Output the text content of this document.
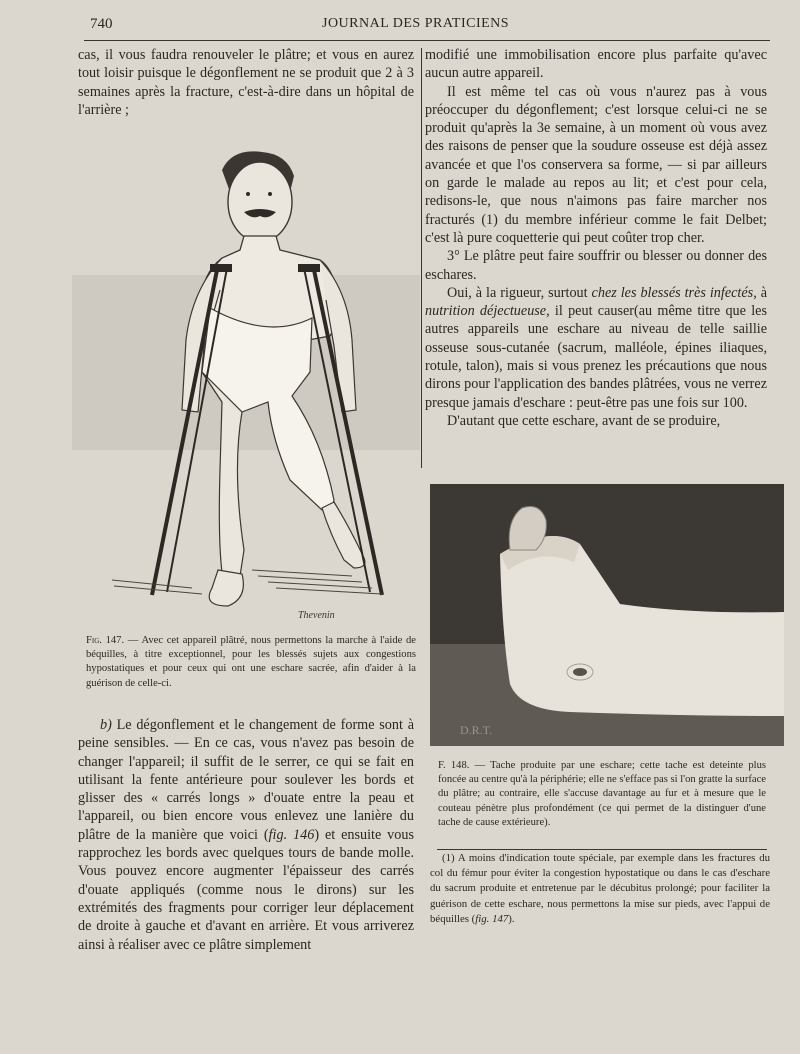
740	JOURNAL DES PRATICIENS

cas, il vous faudra renouveler le plâtre; et vous en aurez tout loisir puisque le dégonflement ne se produit que 2 à 3 semaines après la fracture, c'est-à-dire dans un hôpital de l'arrière ;

Thevenin
Fig. 147. — Avec cet appareil plâtré, nous permettons la marche à l'aide de béquilles, à titre exceptionnel, pour les blessés sujets aux congestions hypostatiques et pour ceux qui ont une eschare sacrée, afin d'aider à la guérison de celle-ci.

b) Le dégonflement et le changement de forme sont à peine sensibles. — En ce cas, vous n'avez pas besoin de changer l'appareil; il suffit de le serrer, ce qui se fait en utilisant la fente antérieure pour soulever les bords et glisser des « carrés longs » d'ouate entre la peau et l'appareil, ou bien encore vous enlevez une lanière du plâtre de la manière que voici (fig. 146) et ensuite vous rapprochez les bords avec quelques tours de bande molle. Vous pouvez encore augmenter l'épaisseur des carrés d'ouate appliqués (comme nous le dirons) sur les extrémités des fragments pour corriger leur déplacement de droite à gauche et d'avant en arrière. Et vous arriverez ainsi à réaliser avec ce plâtre simplement

modifié une immobilisation encore plus parfaite qu'avec aucun autre appareil.

Il est même tel cas où vous n'aurez pas à vous préoccuper du dégonflement; c'est lorsque celui-ci ne se produit qu'après la 3e semaine, à un moment où vous avez des raisons de penser que la soudure osseuse est déjà assez avancée et que l'os conservera sa forme, — si par ailleurs on garde le malade au repos au lit; et c'est pour cela, redisons-le, que nous n'aimons pas faire marcher nos fracturés (1) du membre inférieur comme le fait Delbet; c'est là pure coquetterie qui peut coûter trop cher.

3° Le plâtre peut faire souffrir ou blesser ou donner des eschares.

Oui, à la rigueur, surtout chez les blessés très infectés, à nutrition déjectueuse, il peut causer(au même titre que les autres appareils une eschare au niveau de telle saillie osseuse sous-cutanée (sacrum, malléole, épines iliaques, rotule, talon), mais si vous prenez les précautions que nous dirons pour l'application des bandes plâtrées, vous ne verrez presque jamais d'eschare : peut-être pas une fois sur 100.

D'autant que cette eschare, avant de se produire,

D.R.T.
F. 148. — Tache produite par une eschare; cette tache est deteinte plus foncée au centre qu'à la périphérie; elle ne s'efface pas si l'on gratte la surface du plâtre; au contraire, elle s'accuse davantage au fur et à mesure que le couteau pénètre plus profondément (ce qui permet de la distinguer d'une tache de cause extérieure).

(1) A moins d'indication toute spéciale, par exemple dans les fractures du col du fémur pour éviter la congestion hypostatique ou dans le cas d'eschare du sacrum produite et entretenue par le décubitus prolongé; pour faciliter la guérison de cette eschare, nous permettons la mise sur pieds, avec l'appui de béquilles (fig. 147).
